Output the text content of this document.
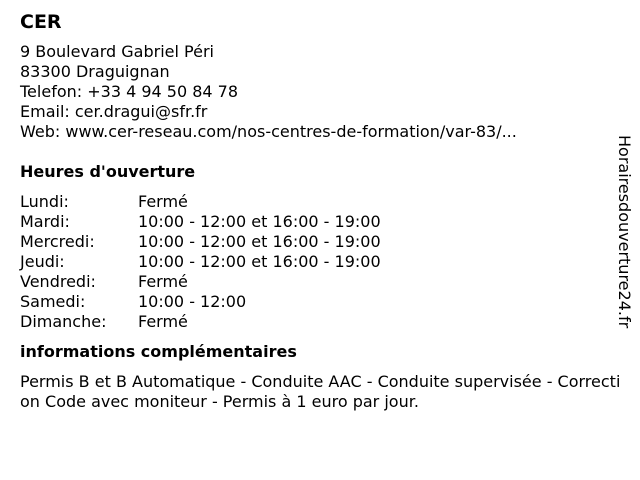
CER
9 Boulevard Gabriel Péri
83300 Draguignan
Telefon: +33 4 94 50 84 78
Email: cer.dragui@sfr.fr
Web: www.cer-reseau.com/nos-centres-de-formation/var-83/...
Heures d'ouverture
Lundi:	Fermé
Mardi:	10:00 - 12:00 et 16:00 - 19:00
Mercredi:	10:00 - 12:00 et 16:00 - 19:00
Jeudi:	10:00 - 12:00 et 16:00 - 19:00
Vendredi:	Fermé
Samedi:	10:00 - 12:00
Dimanche:	Fermé
informations complémentaires
Permis B et B Automatique - Conduite AAC - Conduite supervisée - Correction Code avec moniteur - Permis à 1 euro par jour.
Horairesdouverture24.fr
